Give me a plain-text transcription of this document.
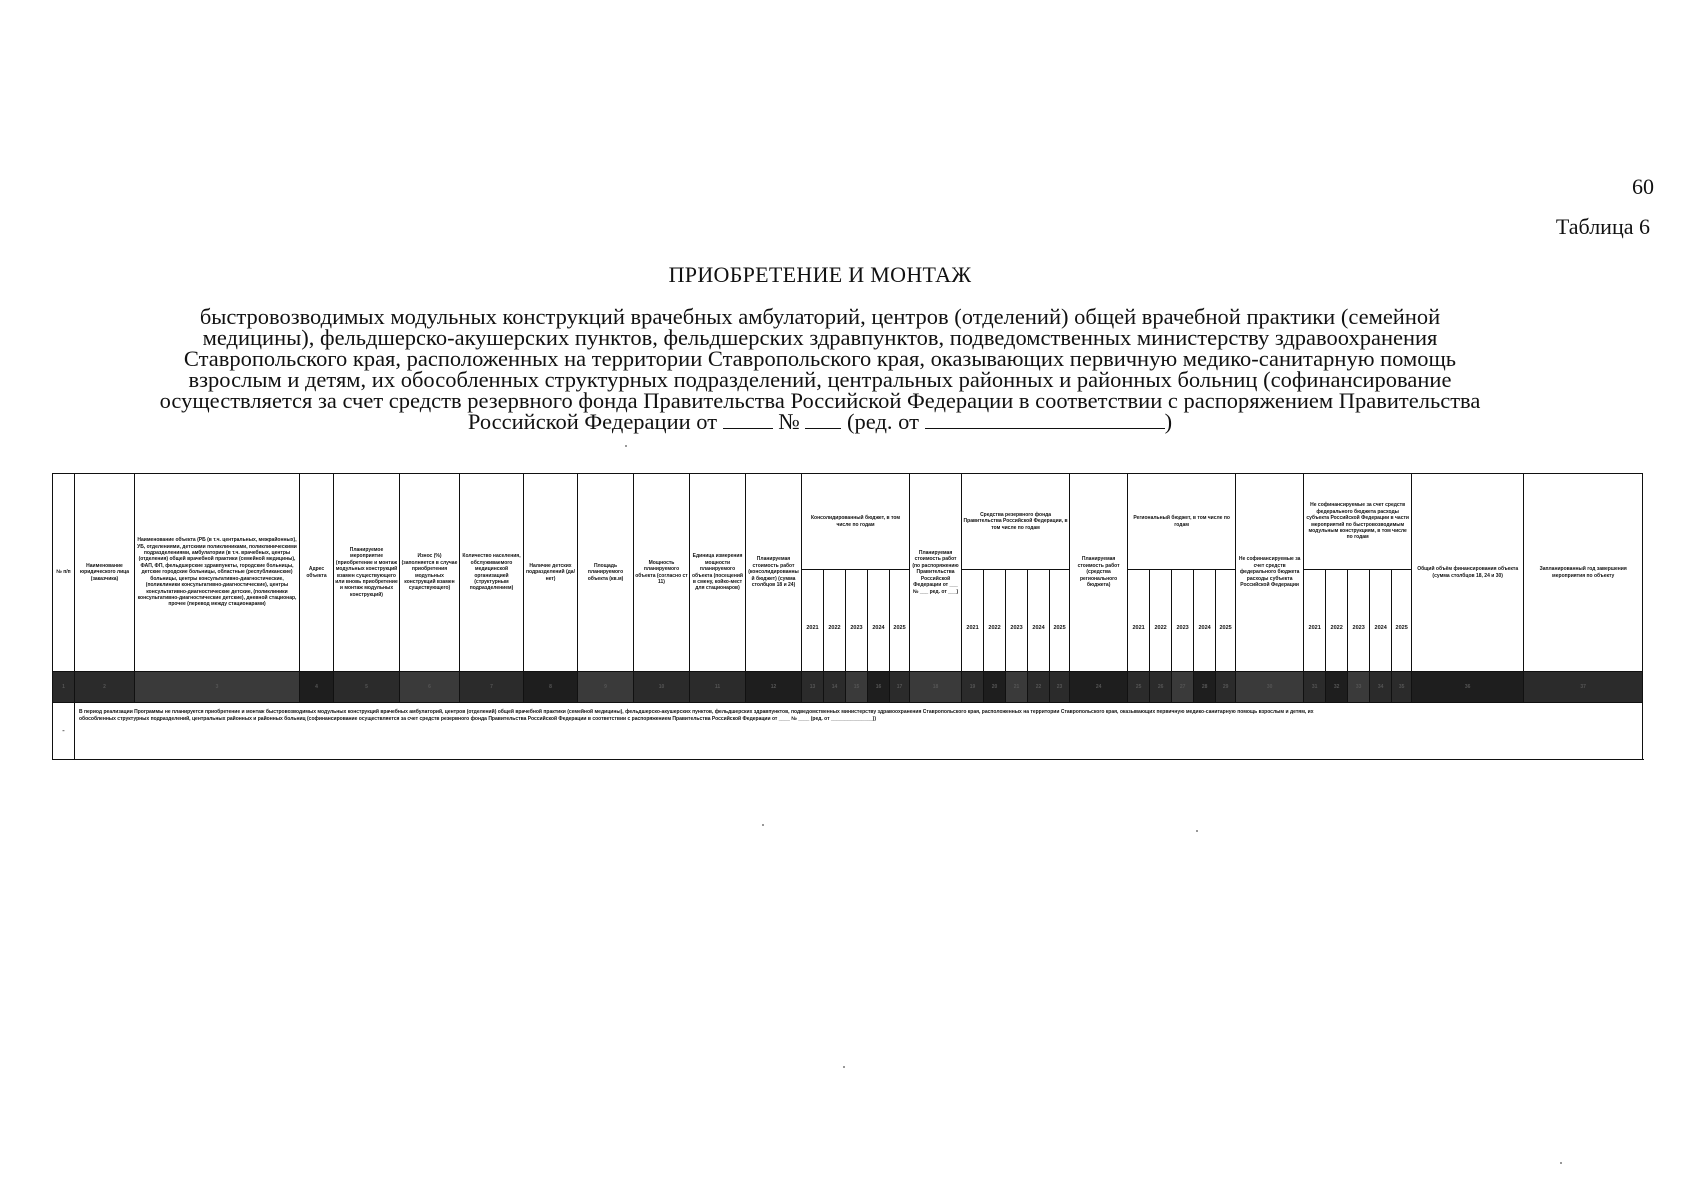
60
Таблица 6
ПРИОБРЕТЕНИЕ И МОНТАЖ
быстровозводимых модульных конструкций врачебных амбулаторий, центров (отделений) общей врачебной практики (семейной
медицины), фельдшерско-акушерских пунктов, фельдшерских здравпунктов, подведомственных министерству здравоохранения
Ставропольского края, расположенных на территории Ставропольского края, оказывающих первичную медико-санитарную помощь
взрослым и детям, их обособленных структурных подразделений, центральных районных и районных больниц (софинансирование
осуществляется за счет средств резервного фонда Правительства Российской Федерации в соответствии с распоряжением Правительства
Российской Федерации от	№ (ред. от	)
№ п/п	Наименование юридического лица (заказчика)	Наименование объекта (РБ (в т.ч. центральных, межрайонных), УБ, отделениями, детскими поликлиниками, поликлиническими подразделениями, амбулатории (в т.ч. врачебных, центры (отделения) общей врачебной практики (семейной медицины), ФАП, ФП, фельдшерские здравпункты, городские больницы, детские городские больницы, областные (республиканские) больницы, центры консультативно-диагностические, (поликлиники консультативно-диагностические), центры консультативно-диагностические детские, (поликлиники консультативно-диагностические детские), дневной стационар, прочее (перевод между стационарами)	Адрес объекта	Планируемое мероприятие (приобретение и монтаж модульных конструкций взамен существующего или вновь приобретение и монтаж модульных конструкций)	Износ (%) (заполняется в случае приобретения модульных конструкций взамен существующего)	Количество населения, обслуживаемого медицинской организацией (структурным подразделением)	Наличие детских подразделений (да/нет)	Площадь планируемого объекта (кв.м)	Мощность планируемого объекта (согласно ст 11)	Единица измерения мощности планируемого объекта (посещений в смену, койко-мест для стационаров)	Планируемая стоимость работ (консолидированный бюджет) (сумма столбцов 18 и 24)	Консолидированный бюджет, в том числе по годам					Планируемая стоимость работ (по распоряжению Правительства Российской Федерации от ___ № ___ ред. от ___)	Средства резервного фонда Правительства Российской Федерации, в том числе по годам					Планируемая стоимость работ (средства регионального бюджета)	Региональный бюджет, в том числе по годам					Не софинансируемые за счет средств федерального бюджета расходы субъекта Российской Федерации	Не софинансируемые за счет средств федерального бюджета расходы субъекта Российской Федерации в части мероприятий по быстровозводимым модульным конструкциям, в том числе по годам					Общий объём финансирования объекта (сумма столбцов 18, 24 и 30)	Запланированный год завершения мероприятия по объекту	
												2021	2022	2023	2024	2025		2021	2022	2023	2024	2025		2021	2022	2023	2024	2025		2021	2022	2023	2024	2025			
1	2	3	4	5	6	7	8	9	10	11	12	13	14	15	16	17	18	19	20	21	22	23	24	25	26	27	28	29	30	31	32	33	34	35	36	37				
-	В период реализации Программы не планируется приобретение и монтаж быстровозводимых модульных конструкций врачебных амбулаторий, центров (отделений) общей врачебной практики (семейной медицины), фельдшерско-акушерских пунктов, фельдшерских здравпунктов, подведомственных министерству здравоохранения Ставропольского края, расположенных на территории Ставропольского края, оказывающих первичную медико-санитарную помощь взрослым и детям, их
обособленных структурных подразделений, центральных районных и районных больниц (софинансирование осуществляется за счет средств резервного фонда Правительства Российской Федерации в соответствии с распоряжением Правительства Российской Федерации от ____ № ____ (ред. от _______________))																																				
